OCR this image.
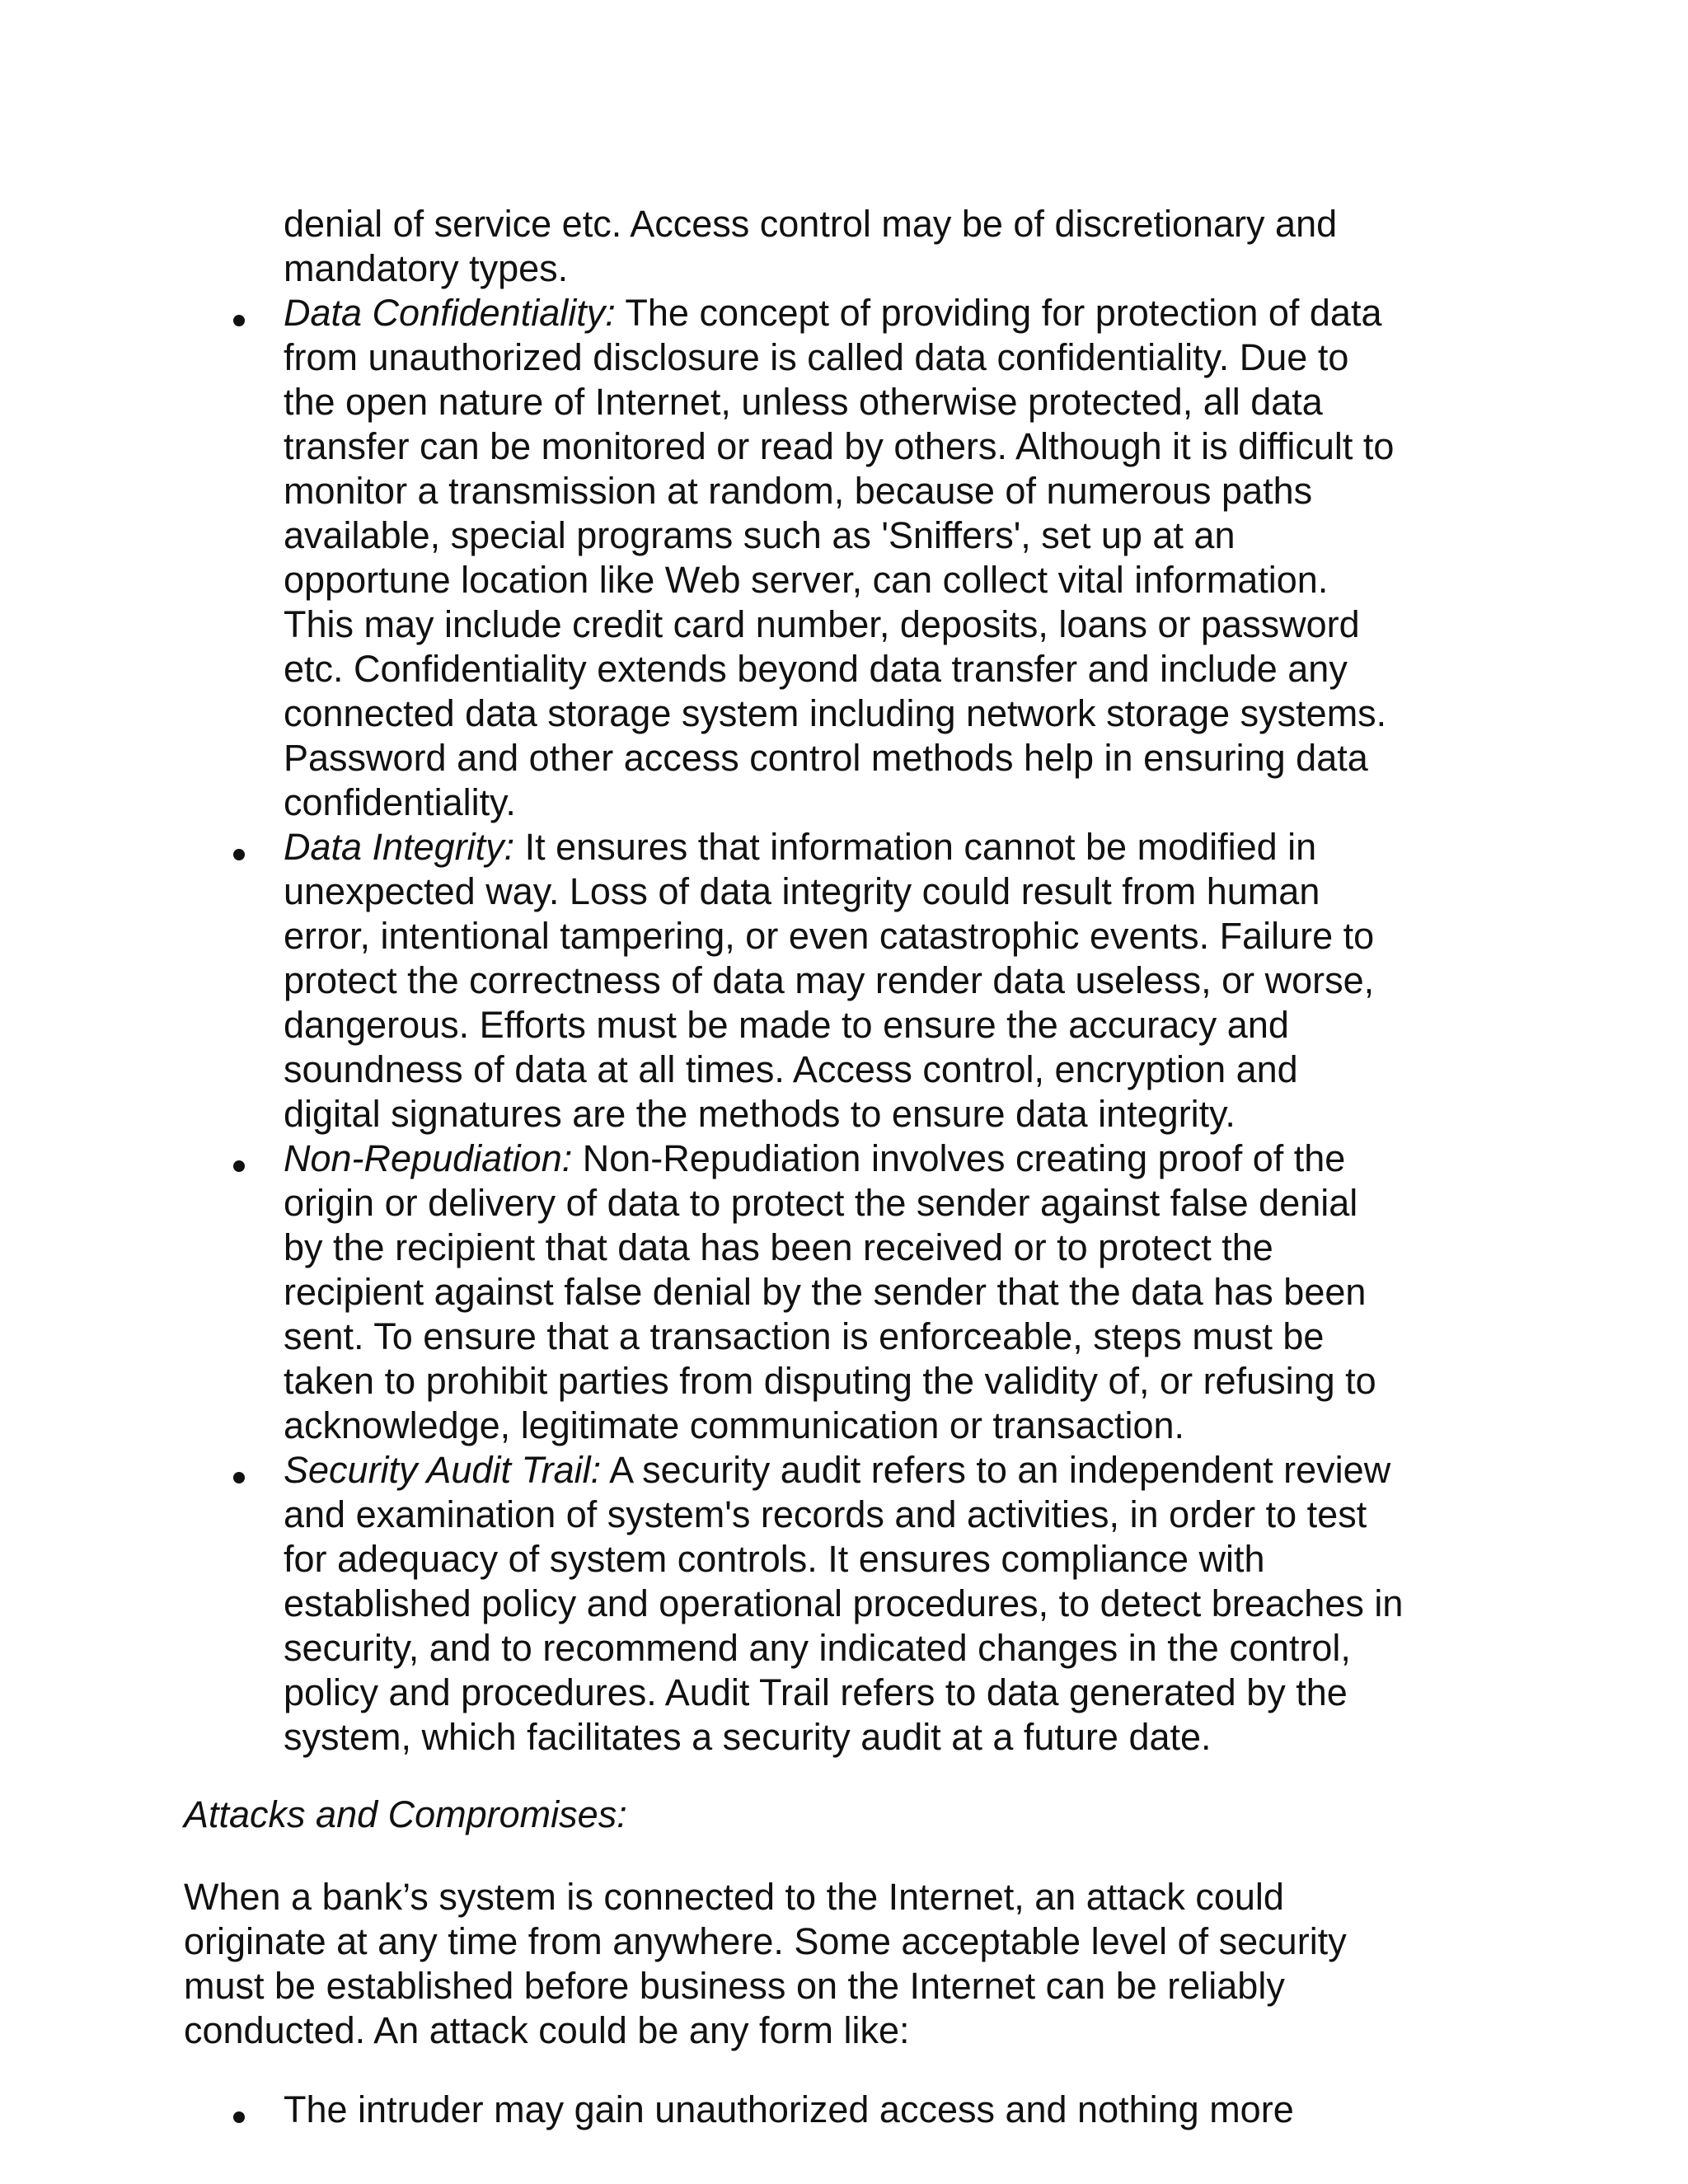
denial of service etc. Access control may be of discretionary and
mandatory types.
Data Confidentiality: The concept of providing for protection of data
from unauthorized disclosure is called data confidentiality. Due to
the open nature of Internet, unless otherwise protected, all data
transfer can be monitored or read by others. Although it is difficult to
monitor a transmission at random, because of numerous paths
available, special programs such as 'Sniffers', set up at an
opportune location like Web server, can collect vital information.
This may include credit card number, deposits, loans or password
etc. Confidentiality extends beyond data transfer and include any
connected data storage system including network storage systems.
Password and other access control methods help in ensuring data
confidentiality.
Data Integrity: It ensures that information cannot be modified in
unexpected way. Loss of data integrity could result from human
error, intentional tampering, or even catastrophic events. Failure to
protect the correctness of data may render data useless, or worse,
dangerous. Efforts must be made to ensure the accuracy and
soundness of data at all times. Access control, encryption and
digital signatures are the methods to ensure data integrity.
Non-Repudiation: Non-Repudiation involves creating proof of the
origin or delivery of data to protect the sender against false denial
by the recipient that data has been received or to protect the
recipient against false denial by the sender that the data has been
sent. To ensure that a transaction is enforceable, steps must be
taken to prohibit parties from disputing the validity of, or refusing to
acknowledge, legitimate communication or transaction.
Security Audit Trail: A security audit refers to an independent review
and examination of system's records and activities, in order to test
for adequacy of system controls. It ensures compliance with
established policy and operational procedures, to detect breaches in
security, and to recommend any indicated changes in the control,
policy and procedures. Audit Trail refers to data generated by the
system, which facilitates a security audit at a future date.
Attacks and Compromises:
When a bank’s system is connected to the Internet, an attack could
originate at any time from anywhere. Some acceptable level of security
must be established before business on the Internet can be reliably
conducted. An attack could be any form like:
The intruder may gain unauthorized access and nothing more
